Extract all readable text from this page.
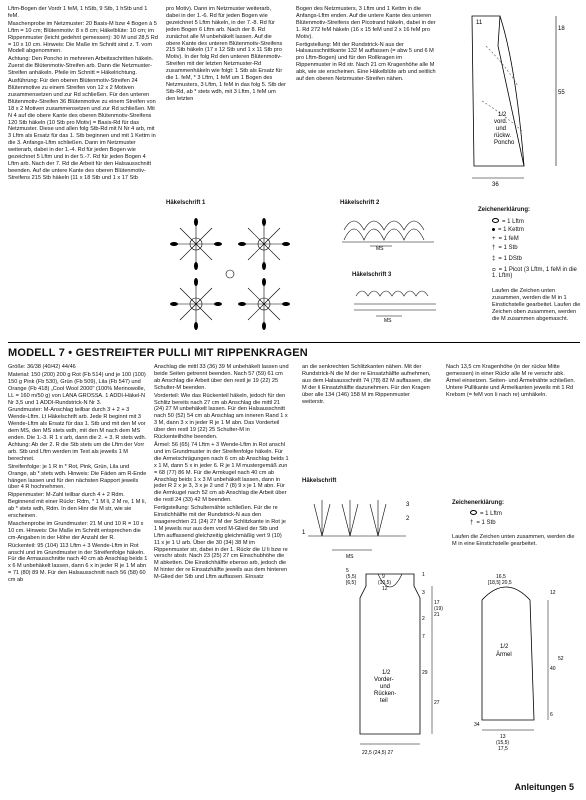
Lftm-Bogen der Vordr 1 feM, 1 hStb, 9 Stb, 1 hStb und 1 feM.

Maschenprobe im Netzmuster: 20 Basis-M bzw 4 Bogen à 5 Lftm = 10 cm; Blütenmotiv: 8 x 8 cm; Häkelblüte: 10 cm; im Rippenmuster (leicht gedehnt gemessen): 30 M und 28,5 Rd = 10 x 10 cm. Hinweis: Die Maße im Schnitt sind z. T. vom Modell abgenommen.

Achtung: Den Poncho in mehreren Arbeitsschritten häkeln. Zuerst die Blütenmotiv-Streifen arb. Dann die Netzmuster-Streifen anhäkeln. Pfeile im Schnitt = Häkelrichtung.

Ausführung: Für den oberen Blütenmotiv-Streifen 24 Blütenmotive zu einem Streifen von 12 x 2 Motiven zusammensetzen und zur Rd schließen. Für den unteren Blütenmotiv-Streifen 36 Blütenmotive zu einem Streifen von 18 x 2 Motiven zusammensetzen und zur Rd schließen. Mit N 4 auf die obere Kante des oberen Blütenmotiv-Streifens 120 Stb häkeln (10 Stb pro Motiv) = Basis-Rd für das Netzmuster. Diese und allen folg Stb-Rd mit N Nr 4 arb, mit 3 Lftm als Ersatz für das 1. Stb beginnen und mit 1 Kettm in die 3. Anfangs-Lftm schließen. Dann im Netzmuster weiterarb, dabei in der 1.-4. Rd für jeden Bogen wie gezeichnet 5 Lftm und in der 5.-7. Rd für jeden Bogen 4 Lftm arb. Nach der 7. Rd die Arbeit für den Halsausschnitt beenden. Auf die untere Kante des oberen Blütenmotiv-Streifens 215 Stb häkeln (11 x 18 Stb und 1 x 17 Stb

pro Motiv). Dann im Netzmuster weiterarb, dabei in der 1.-6. Rd für jeden Bogen wie gezeichnet 5 Lftm häkeln, in der 7.-8. Rd für jeden Bogen 6 Lftm arb. Nach der 8. Rd zunächst alle M unbehäkelt lassen. Auf die obere Kante des unteren Blütenmotiv-Streifens 215 Stb häkeln (17 x 12 Stb und 1 x 11 Stb pro Motiv). In der folg Rd den unteren Blütenmotiv-Streifen mit der letzten Netzmuster-Rd zusammenhäkeln wie folgt: 1 Stb als Ersatz für die 1. feM, * 3 Lftm, 1 feM um 1 Bogen des Netzmusters, 3 Lftm, 1 feM in das folg 5. Stb der Stb-Rd, ab * stets wdh, mit 3 Lftm, 1 feM um den letzten

Bogen des Netzmusters, 3 Lftm und 1 Kettm in die Anfangs-Lftm enden. Auf die untere Kante des unteren Blütenmotiv-Streifens den Picotrand häkeln, dabei in der 1. Rd 272 feM häkeln (16 x 15 feM und 2 x 16 feM pro Motiv).

Fertigstellung: Mit der Rundstrick-N aus der Halsausschnittkante 132 M auffassen (= abw 5 und 6 M pro Lftm-Bogen) und für den Rollkragen im Rippenmuster in Rd str. Nach 21 cm Kragenhöhe alle M abk, wie sie erscheinen. Eine Häkelblüte arb und seitlich auf den oberen Netzmuster-Streifen nähen.

11
18
55
36
1/2
vord.
und
rückw.
Poncho
Häkelschrift 1	Häkelschrift 2
MS
Häkelschrift 3
MS
Zeichenerklärung:
= 1 Lftm
= 1 Kettm
+ = 1 feM
† = 1 Stb
‡ = 1 DStb
ᴑ = 1 Picot (3 Lftm, 1 feM in die 1. Lftm)
Laufen die Zeichen unten zusammen, werden die M in 1 Einstichstelle gearbeitet. Laufen die Zeichen oben zusammen, werden die M zusammen abgemascht.
MODELL 7 • GESTREIFTER PULLI MIT RIPPENKRAGEN

Größe: 36/38 (40/42) 44/46

Material: 150 (200) 200 g Rot (Fb 514) und je 100 (100) 150 g Pink (Fb 530), Grün (Fb 509), Lila (Fb 547) und Orange (Fb 418) „Cool Wool 2000" (100% Merinowolle, LL = 160 m/50 g) von LANA GROSSA. 1 ADDI-Häkel-N Nr 3,5 und 1 ADDI-Rundstrick-N Nr 3.

Grundmuster: M-Anschlag teilbar durch 3 + 2 + 3 Wende-Lftm. Lt Häkelschrift arb. Jede R beginnt mit 3 Wende-Lftm als Ersatz für das 1. Stb und mit den M vor dem MS, den MS stets wdh, mit den M nach dem MS enden. Die 1.-3. R 1 x arb, dann die 2. + 3. R stets wdh. Achtung: Ab der 2. R die Stb stets um die Lftm der Vorr arb. Stb und Lftm werden im Text als jeweils 1 M berechnet.

Streifenfolge: je 1 R in * Rot, Pink, Grün, Lila und Orange, ab * stets wdh. Hinweis: Die Fäden am R-Ende hängen lassen und für den nächsten Rapport jeweils über 4 R hochnehmen.

Rippenmuster: M-Zahl teilbar durch 4 + 2 Rdm. Beginnend mit einer Rückr: Rdm, * 1 M li, 2 M re, 1 M li, ab * stets wdh, Rdm. In den Hinr die M str, wie sie erscheinen.

Maschenprobe im Grundmuster: 21 M und 10 R = 10 x 10 cm. Hinweis: Die Maße im Schnitt entsprechen die cm-Angaben in der Höhe der Anzahl der R.

Rückenteil: 95 (104) 113 Lftm + 3 Wende-Lftm in Rot anschl und im Grundmuster in der Streifenfolge häkeln. Für die Armausschnitte nach 40 cm ab Anschlag beids 1 x 6 M unbehäkelt lassen, dann 6 x in jeder R je 1 M abn = 71 (80) 89 M. Für den Halsausschnitt nach 56 (58) 60 cm ab

Anschlag die mittl 33 (36) 39 M unbehäkelt lassen und beide Seiten getrennt beenden. Nach 57 (59) 61 cm ab Anschlag die Arbeit über den restl je 19 (22) 25 Schulter-M beenden.

Vorderteil: Wie das Rückenteil häkeln, jedoch für den Schlitz bereits nach 27 cm ab Anschlag die mittl 21 (24) 27 M unbehäkelt lassen. Für den Halsausschnitt nach 50 (52) 54 cm ab Anschlag am inneren Rand 1 x 3 M, dann 3 x in jeder R je 1 M abn. Das Vorderteil über den restl 19 (22) 25 Schulter-M in Rückenteilhöhe beenden.

Ärmel: 56 (65) 74 Lftm + 3 Wende-Lftm in Rot anschl und im Grundmuster in der Streifenfolge häkeln. Für die Armeischrägungen nach 6 cm ab Anschlag beids 1 x 1 M, dann 5 x in jeder 6. R je 1 M mustergemäß zun = 68 (77) 86 M. Für die Armkugel nach 40 cm ab Anschlag beids 1 x 3 M unbehäkelt lassen, dann in jeder R 2 x je 3, 3 x je 2 und 7 (8) 9 x je 1 M abn. Für die Armkugel nach 52 cm ab Anschlag die Arbeit über die restl 24 (33) 42 M beenden.

Fertigstellung: Schulternähte schließen. Für die re Einstichhälfte mit der Rundstrick-N aus den waagerechten 21 (24) 27 M der Schlitzkante in Rot je 1 M jeweils nur aus dem vord M-Glied der Stb und Lftm auffassend gleichzeitig gleichmäßig vert 9 (10) 11 x je 1 U arb. Über die 30 (34) 38 M im Rippenmuster str, dabei in der 1. Rückr die U li bzw re verschr abstr. Nach 23 (25) 27 cm Einschubhöhe die M abketten. Die Einstichhälfte ebenso arb, jedoch die M hinter der re Einsatzhälfte jeweils aus dem hinteren M-Glied der Stb und Lftm auffassen. Einsatz

an die senkrechten Schlitzkanten nähen. Mit der Rundstrick-N die M der re Einsatzhälfte aufnehmen, aus dem Halsausschnitt 74 (78) 82 M auffassen, die M der li Einsatzhälfte dazunehmen. Für den Kragen über alle 134 (146) 158 M im Rippenmuster weiterstr.

Nach 13,5 cm Kragenhöhe (in der rückw Mitte gemessen) in einer Rückr alle M re verschr abk. Ärmel einsetzen. Seiten- und Ärmelnähte schließen. Untere Pullikante und Ärmelkanten jeweils mit 1 Rd Krebsm (= feM von li nach re) umhäkeln.

Häkelschrift
3
2
1
MS
Zeichenerklärung:
= 1 Lftm
† = 1 Stb
Laufen die Zeichen unten zusammen, werden die M in eine Einstichstelle gearbeitet.
5
(5,5)
[6,5]
9
(10,5)
12
1
3
17
(19)
21
2
7
29
27
1/2
Vorder-
und
Rücken-
teil
22,5 (24,5) 27
16,5
[18,5] 20,5
12
1/2
Ärmel
52
40
6
34
13
(15,5)
17,5
Anleitungen 5
